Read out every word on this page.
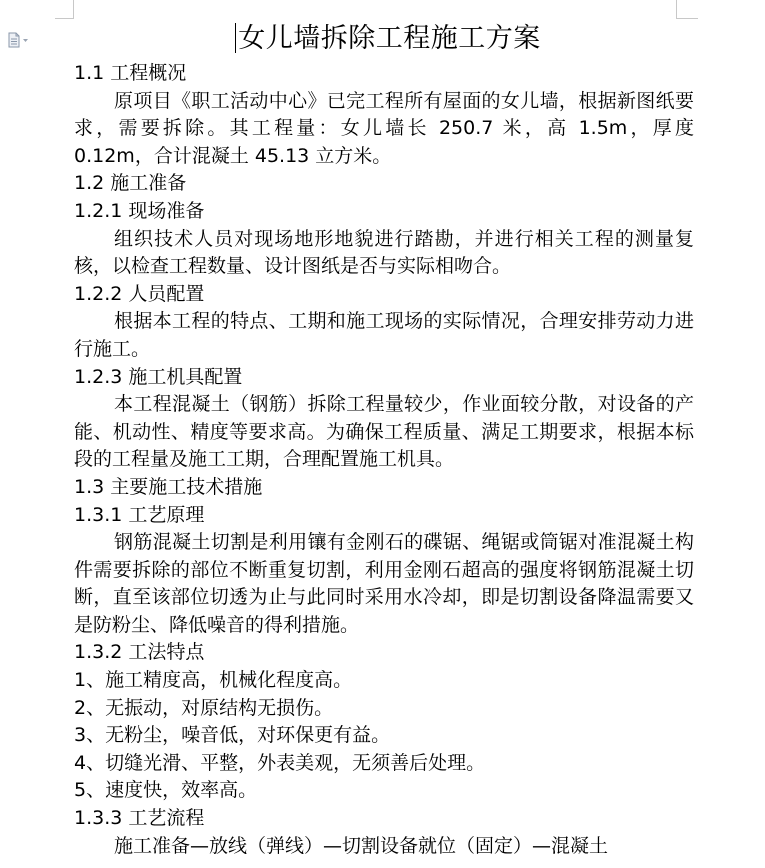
女儿墙拆除工程施工方案

1.1 工程概况

原项目《职工活动中心》已完工程所有屋面的女儿墙，根据新图纸要求，需要拆除。其工程量：女儿墙长 250.7 米，高 1.5m，厚度 0.12m，合计混凝土 45.13 立方米。

1.2 施工准备

1.2.1 现场准备

组织技术人员对现场地形地貌进行踏勘，并进行相关工程的测量复核，以检查工程数量、设计图纸是否与实际相吻合。

1.2.2 人员配置

根据本工程的特点、工期和施工现场的实际情况，合理安排劳动力进行施工。

1.2.3 施工机具配置

本工程混凝土（钢筋）拆除工程量较少，作业面较分散，对设备的产能、机动性、精度等要求高。为确保工程质量、满足工期要求，根据本标段的工程量及施工工期，合理配置施工机具。

1.3 主要施工技术措施

1.3.1 工艺原理

钢筋混凝土切割是利用镶有金刚石的碟锯、绳锯或筒锯对准混凝土构件需要拆除的部位不断重复切割，利用金刚石超高的强度将钢筋混凝土切断，直至该部位切透为止与此同时采用水冷却，即是切割设备降温需要又是防粉尘、降低噪音的得利措施。

1.3.2 工法特点

1、施工精度高，机械化程度高。

2、无振动，对原结构无损伤。

3、无粉尘，噪音低，对环保更有益。

4、切缝光滑、平整，外表美观，无须善后处理。

5、速度快，效率高。

1.3.3 工艺流程

施工准备—放线（弹线）—切割设备就位（固定）—混凝土
